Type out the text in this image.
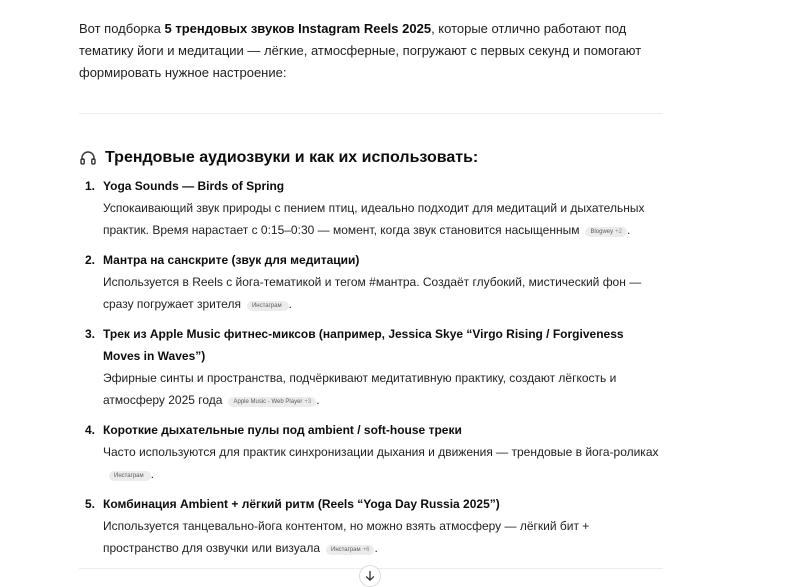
Вот подборка 5 трендовых звуков Instagram Reels 2025, которые отлично работают под тематику йоги и медитации — лёгкие, атмосферные, погружают с первых секунд и помогают формировать нужное настроение:

Трендовые аудиозвуки и как их использовать:
1. Yoga Sounds — Birds of Spring
Успокаивающий звук природы с пением птиц, идеально подходит для медитаций и дыхательных практик. Время нарастает с 0:15–0:30 — момент, когда звук становится насыщенным Blogwey +2 .
2. Мантра на санскрите (звук для медитации)
Используется в Reels с йога-тематикой и тегом #мантра. Создаёт глубокий, мистический фон — сразу погружает зрителя Инстаграм .
3. Трек из Apple Music фитнес-миксов (например, Jessica Skye “Virgo Rising / Forgiveness Moves in Waves”)
Эфирные синты и пространства, подчёркивают медитативную практику, создают лёгкость и атмосферу 2025 года Apple Music - Web Player +3 .
4. Короткие дыхательные пулы под ambient / soft-house треки
Часто используются для практик синхронизации дыхания и движения — трендовые в йога-роликахИнстаграм .
5. Комбинация Ambient + лёгкий ритм (Reels “Yoga Day Russia 2025”)
Используется танцевально-йога контентом, но можно взять атмосферу — лёгкий бит + пространство для озвучки или визуала Инстаграм +6 .
